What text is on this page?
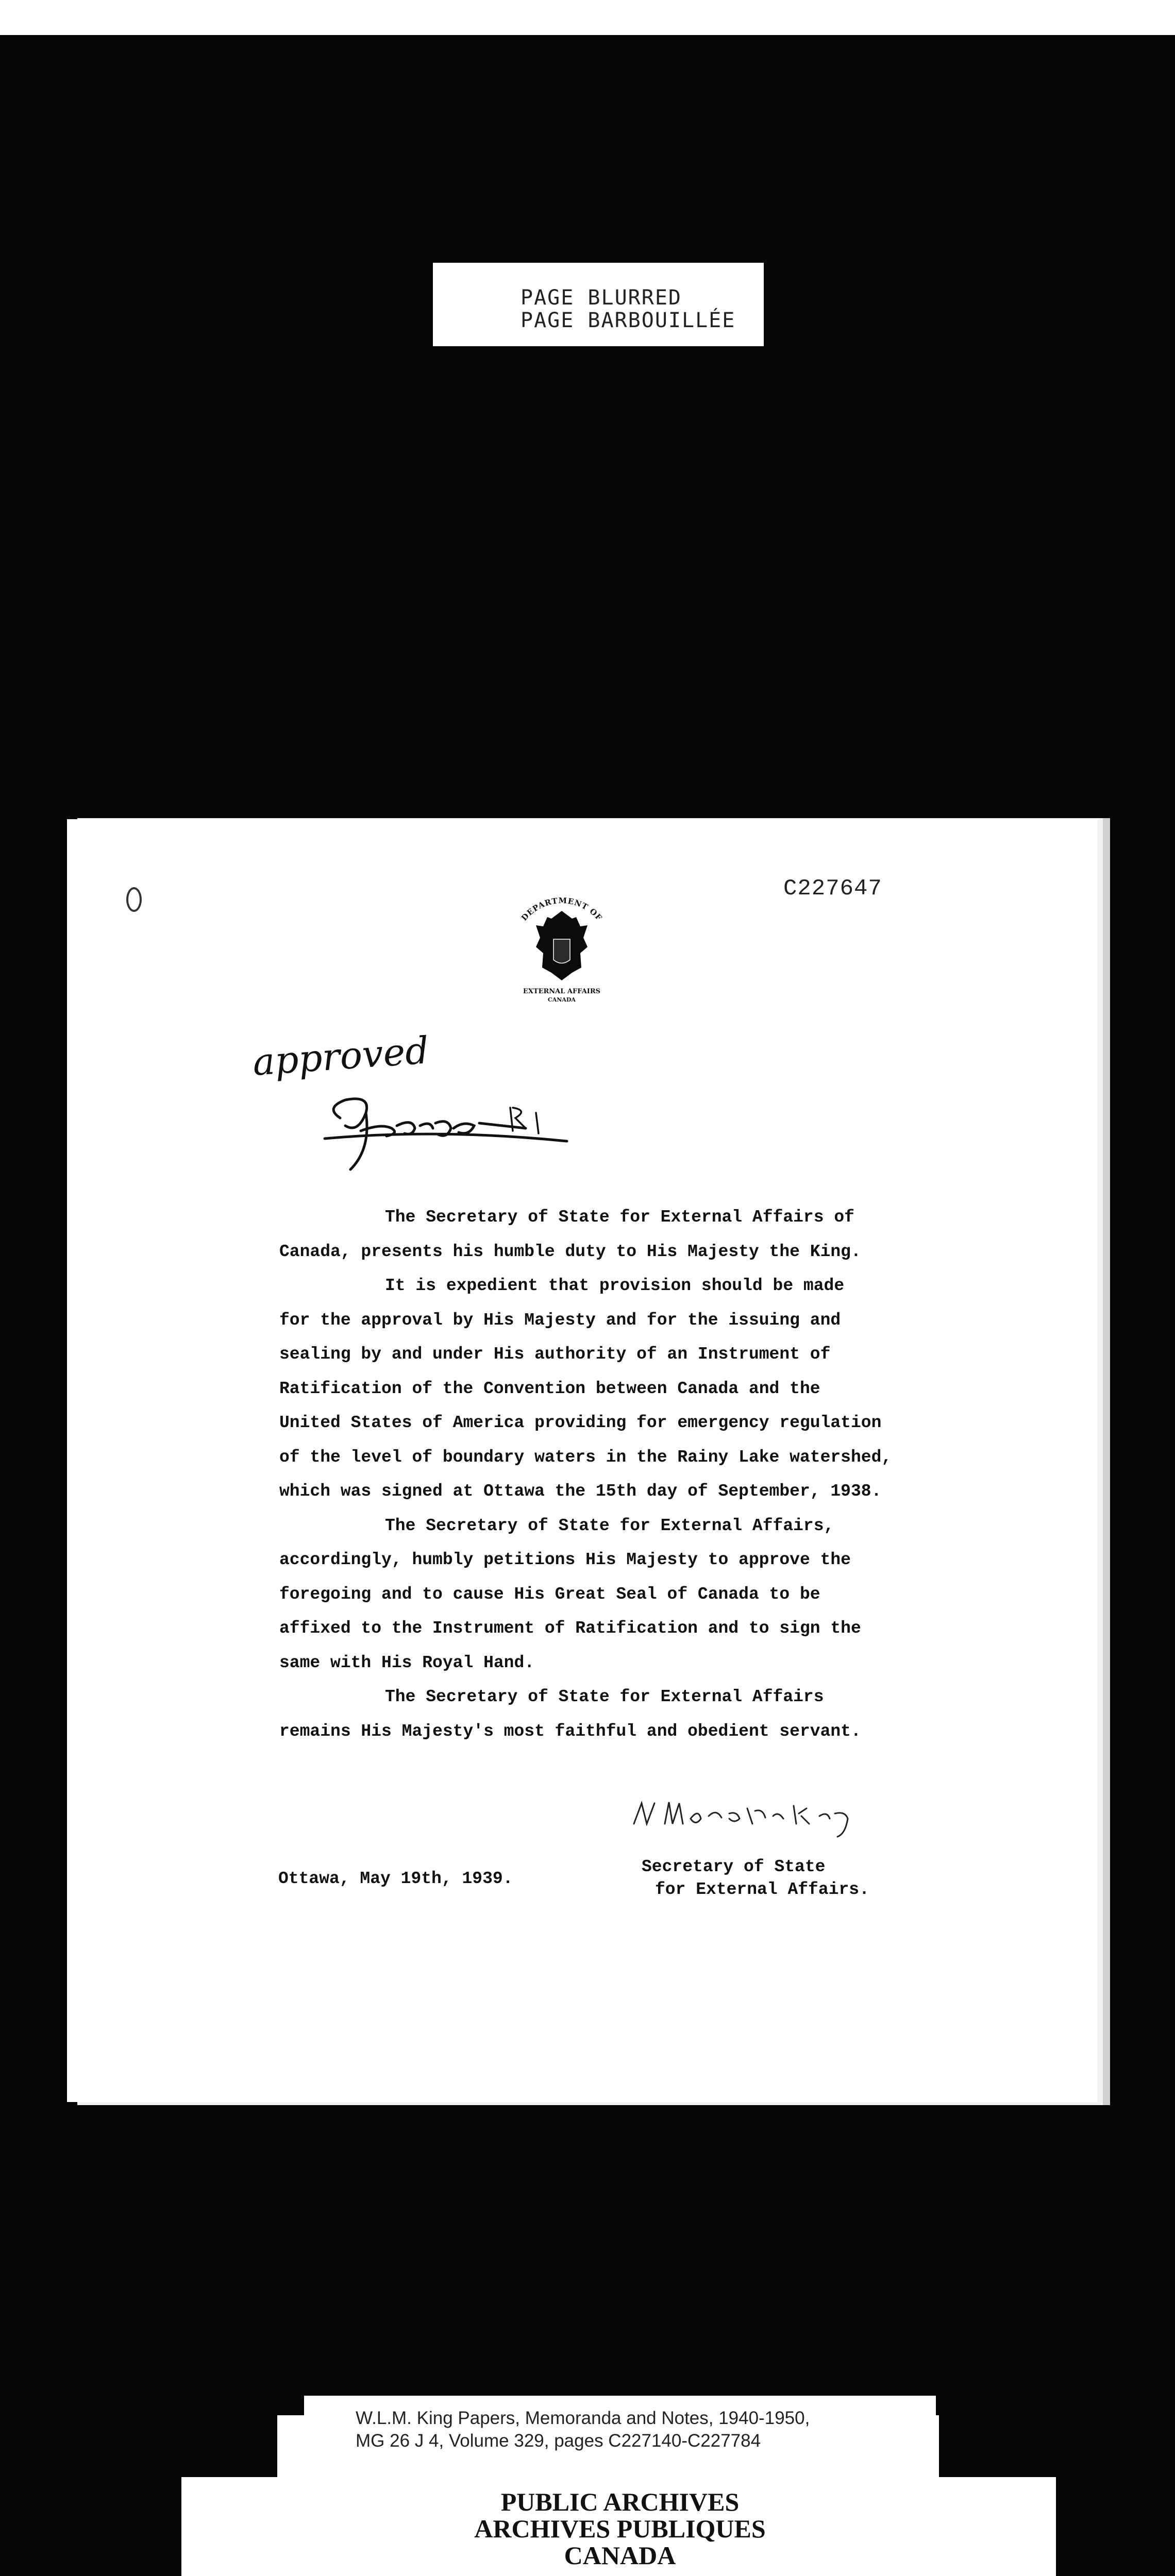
PAGE BLURRED
PAGE BARBOUILLÉE
C227647
DEPARTMENT OF
EXTERNAL AFFAIRS
CANADA
approved

The Secretary of State for External Affairs of

Canada, presents his humble duty to His Majesty the King.

It is expedient that provision should be made

for the approval by His Majesty and for the issuing and

sealing by and under His authority of an Instrument of

Ratification of the Convention between Canada and the

United States of America providing for emergency regulation

of the level of boundary waters in the Rainy Lake watershed,

which was signed at Ottawa the 15th day of September, 1938.

The Secretary of State for External Affairs,

accordingly, humbly petitions His Majesty to approve the

foregoing and to cause His Great Seal of Canada to be

affixed to the Instrument of Ratification and to sign the

same with His Royal Hand.

The Secretary of State for External Affairs

remains His Majesty's most faithful and obedient servant.

Ottawa, May 19th, 1939.
Secretary of State
for External Affairs.
W.L.M. King Papers, Memoranda and Notes, 1940-1950,
MG 26 J 4, Volume 329, pages C227140-C227784
PUBLIC ARCHIVES
ARCHIVES PUBLIQUES
CANADA
